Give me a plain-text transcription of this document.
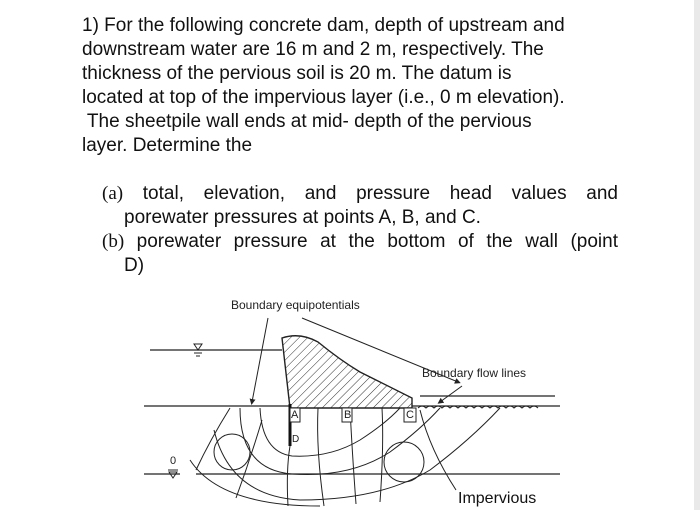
1) For the following concrete dam, depth of upstream and
downstream water are 16 m and 2 m, respectively. The
thickness of the pervious soil is 20 m. The datum is
located at top of the impervious layer (i.e., 0 m elevation).
The sheetpile wall ends at mid- depth of the pervious
layer. Determine the
(a) total, elevation, and pressure head values and
porewater pressures at points A, B, and C.
(b) porewater pressure at the bottom of the wall (point
D)
Boundary equipotentials
Boundary flow lines
A	B	C
D
0
Impervious
